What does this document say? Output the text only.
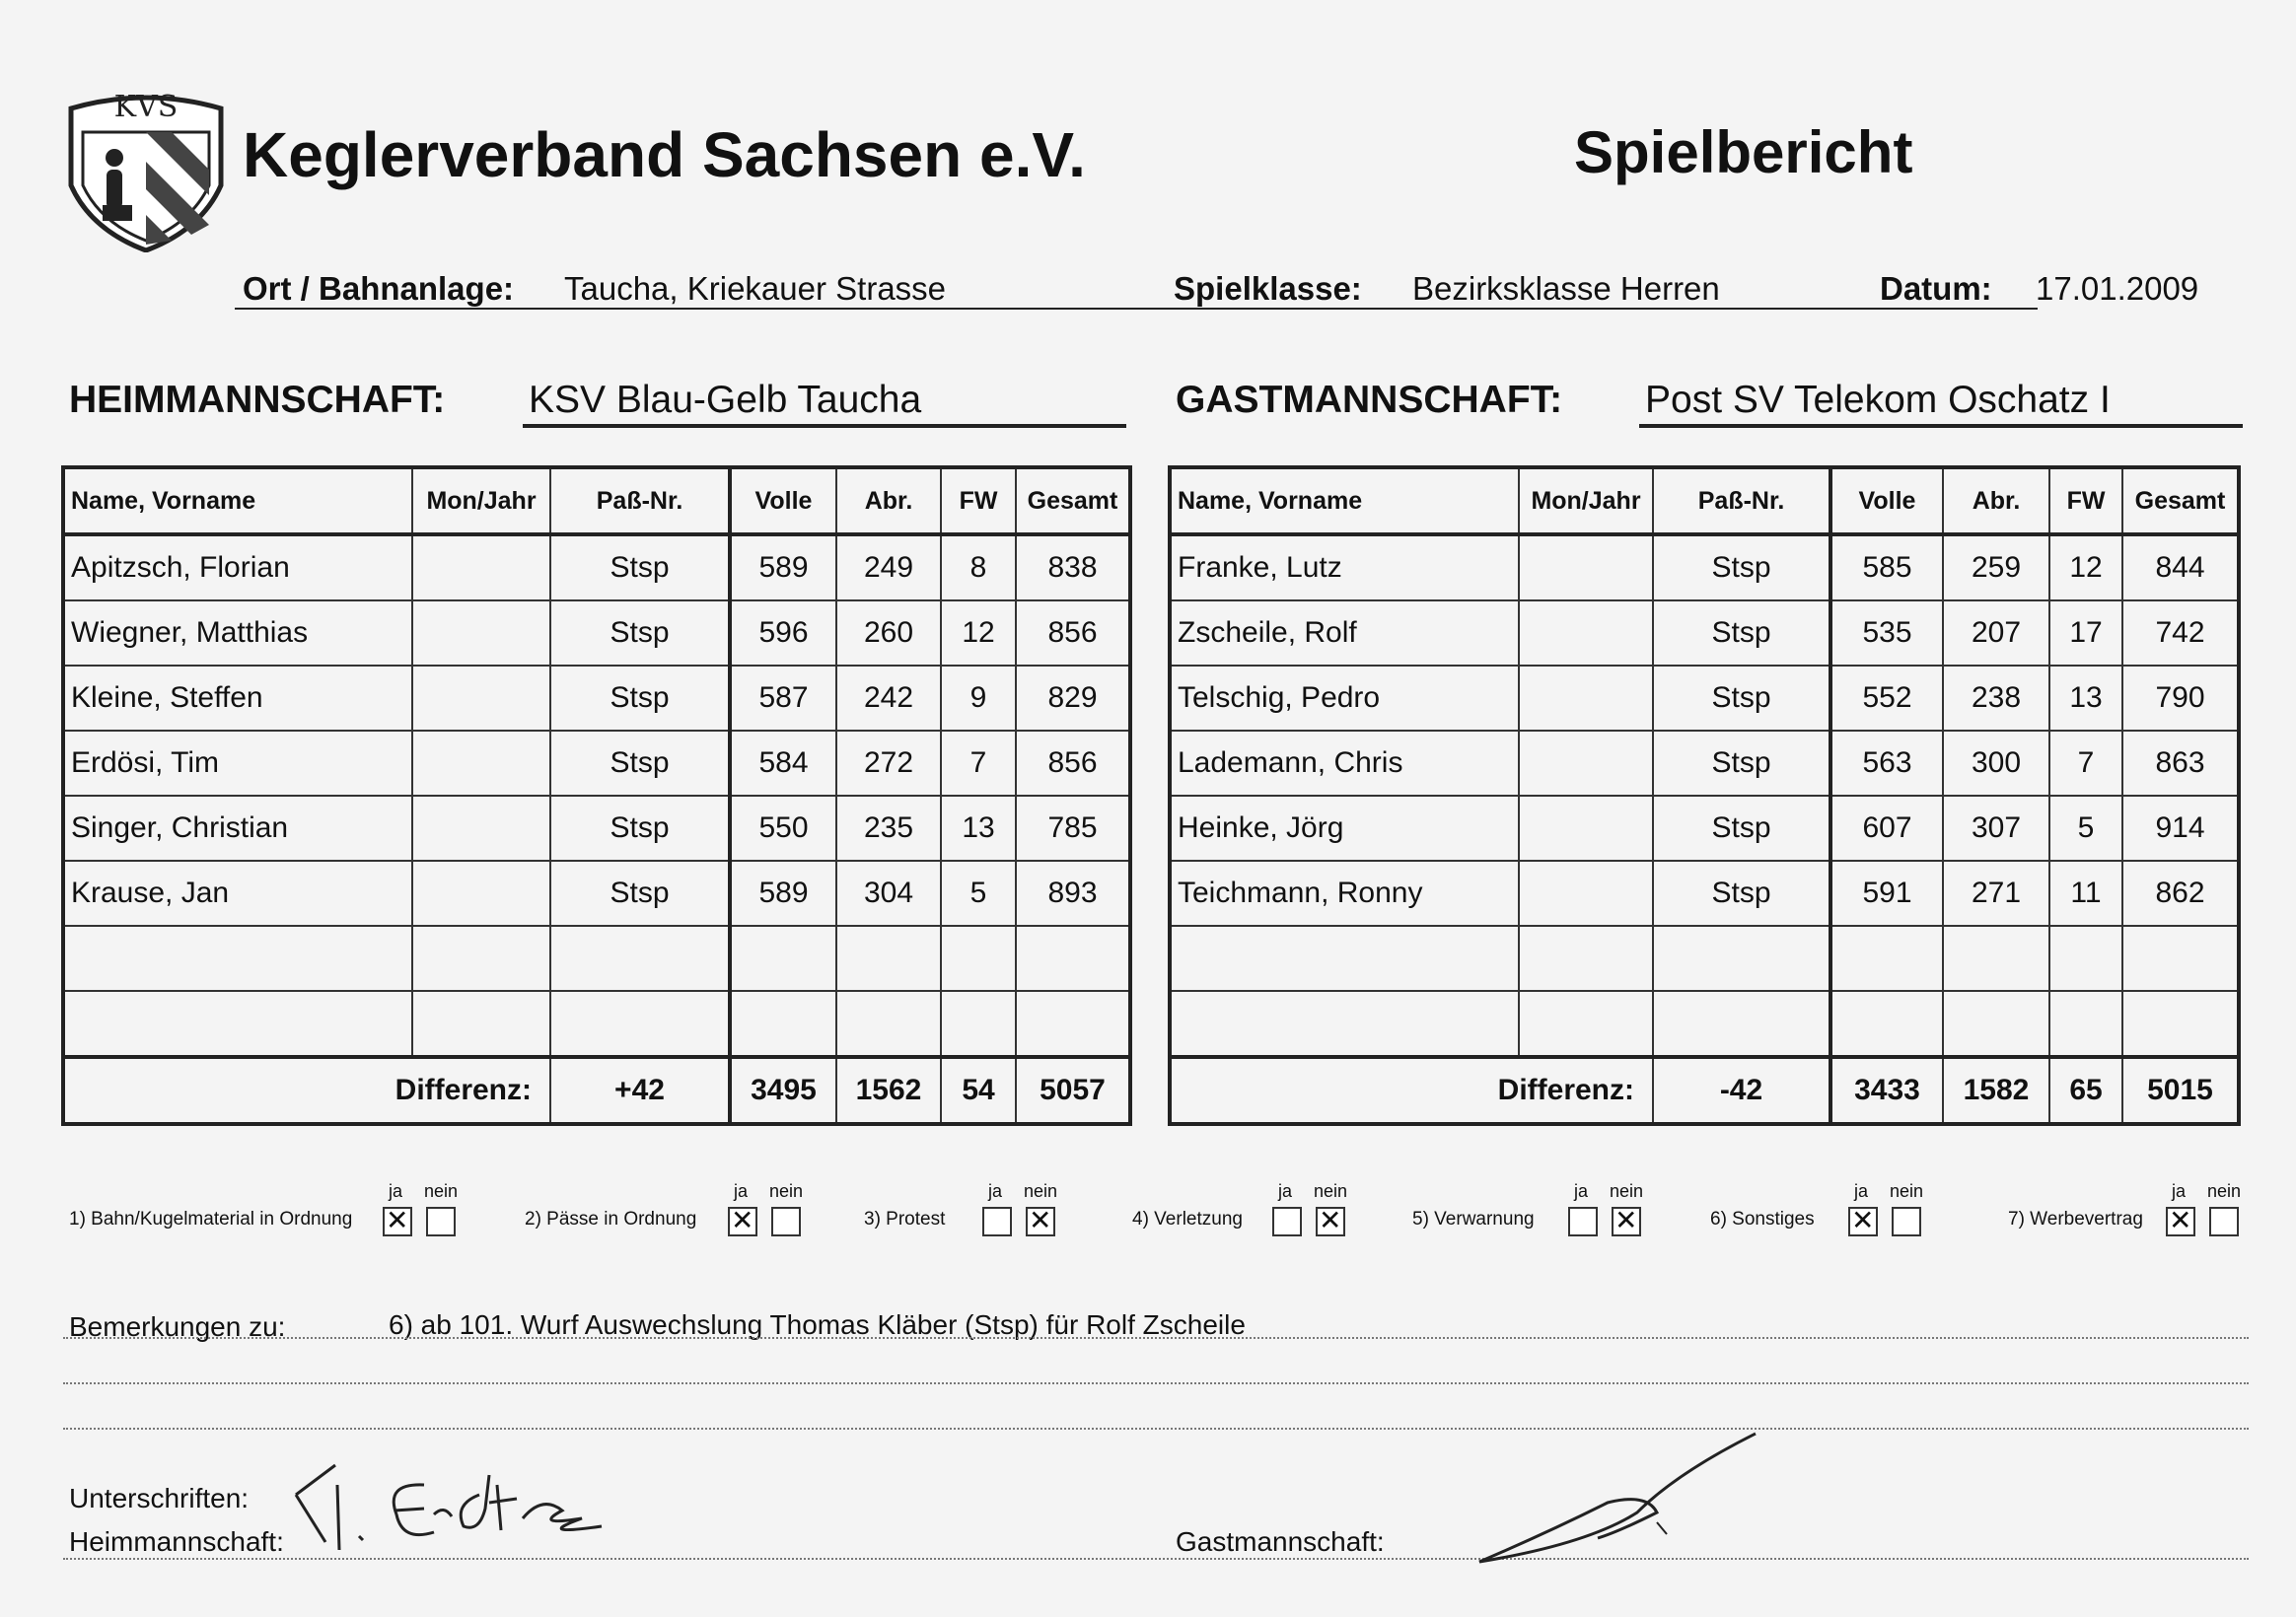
KVS
Keglerverband Sachsen e.V.	Spielbericht
Ort / Bahnanlage: Taucha, Kriekauer Strasse	Spielklasse: Bezirksklasse Herren	Datum: 17.01.2009
HEIMMANNSCHAFT: KSV Blau-Gelb Taucha	GASTMANNSCHAFT: Post SV Telekom Oschatz I
Name, Vorname	Mon/Jahr	Paß-Nr.	Volle	Abr.	FW	Gesamt
Apitzsch, Florian		Stsp	589	249	8	838
Wiegner, Matthias		Stsp	596	260	12	856
Kleine, Steffen		Stsp	587	242	9	829
Erdösi, Tim		Stsp	584	272	7	856
Singer, Christian		Stsp	550	235	13	785
Krause, Jan		Stsp	589	304	5	893

Differenz:		+42	3495	1562	54	5057
Name, Vorname	Mon/Jahr	Paß-Nr.	Volle	Abr.	FW	Gesamt
Franke, Lutz		Stsp	585	259	12	844
Zscheile, Rolf		Stsp	535	207	17	742
Telschig, Pedro		Stsp	552	238	13	790
Lademann, Chris		Stsp	563	300	7	863
Heinke, Jörg		Stsp	607	307	5	914
Teichmann, Ronny		Stsp	591	271	11	862

Differenz:		-42	3433	1582	65	5015
1) Bahn/Kugelmaterial in Ordnung
ja nein
✕
2) Pässe in Ordnung
ja nein
✕
3) Protest
ja nein
✕
4) Verletzung
ja nein
✕
5) Verwarnung
ja nein
✕
6) Sonstiges
ja nein
✕
7) Werbevertrag
ja nein
✕
Bemerkungen zu:	6) ab 101. Wurf Auswechslung Thomas Kläber (Stsp) für Rolf Zscheile
Unterschriften:
Heimmannschaft:	Gastmannschaft:
